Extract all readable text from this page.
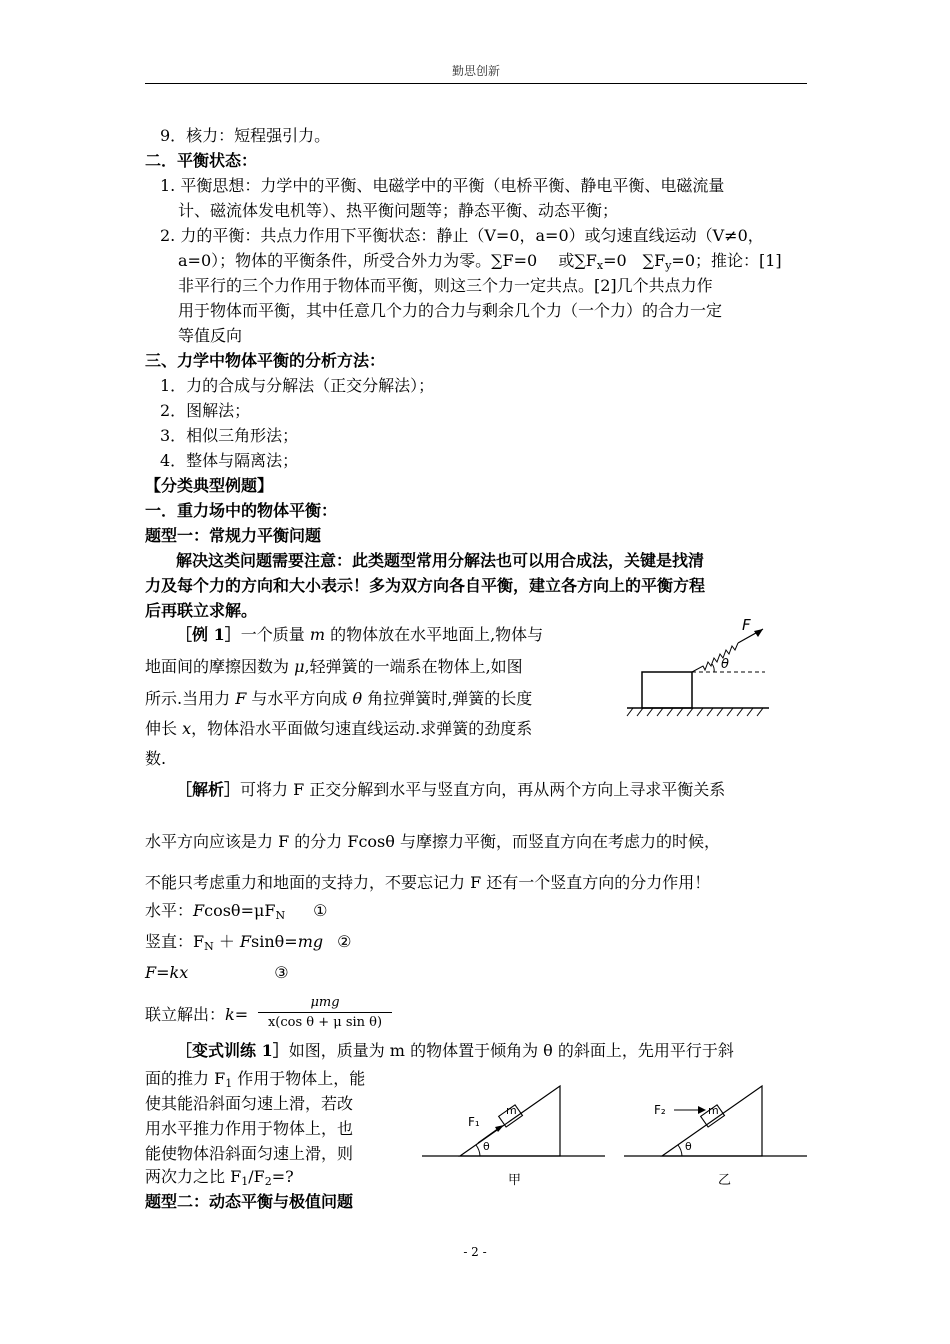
勤思创新
9．核力：短程强引力。
二．平衡状态：
1. 平衡思想：力学中的平衡、电磁学中的平衡（电桥平衡、静电平衡、电磁流量
计、磁流体发电机等）、热平衡问题等；静态平衡、动态平衡；
2. 力的平衡：共点力作用下平衡状态：静止（V=0，a=0）或匀速直线运动（V≠0，
a=0）；物体的平衡条件，所受合外力为零。∑F=0　 或$\sum F_x=0$　$\sum F_y=0$；推论：[1]
非平行的三个力作用于物体而平衡，则这三个力一定共点。[2]几个共点力作
用于物体而平衡，其中任意几个力的合力与剩余几个力（一个力）的合力一定
等值反向
三、力学中物体平衡的分析方法：
1．力的合成与分解法（正交分解法）；
2．图解法；
3．相似三角形法；
4．整体与隔离法；
【分类典型例题】
一．重力场中的物体平衡：
题型一：常规力平衡问题
解决这类问题需要注意：此类题型常用分解法也可以用合成法，关键是找清
力及每个力的方向和大小表示！多为双方向各自平衡，建立各方向上的平衡方程
后再联立求解。
［例 1］一个质量 m 的物体放在水平地面上,物体与
地面间的摩擦因数为 μ,轻弹簧的一端系在物体上,如图
所示.当用力 F 与水平方向成 θ 角拉弹簧时,弹簧的长度
伸长 x，物体沿水平面做匀速直线运动.求弹簧的劲度系
数.
F
θ
［解析］可将力 F 正交分解到水平与竖直方向，再从两个方向上寻求平衡关系
水平方向应该是力 F 的分力 Fcosθ 与摩擦力平衡，而竖直方向在考虑力的时候，
不能只考虑重力和地面的支持力，不要忘记力 F 还有一个竖直方向的分力作用！
水平：$Fcos\theta=\mu F_N$ ①
竖直：$F_N + Fsin\theta=mg$ ②
F=kx	③
联立解出：k=
μmg
x(cos θ + μ sin θ)
［变式训练 1］如图，质量为 m 的物体置于倾角为 θ 的斜面上，先用平行于斜
面的推力 $F_1$ 作用于物体上，能
使其能沿斜面匀速上滑，若改
用水平推力作用于物体上，也
能使物体沿斜面匀速上滑，则
两次力之比 $F_1/F_2=$?
m
F₁
θ
甲
m
F₂
θ
乙
题型二：动态平衡与极值问题
- 2 -
